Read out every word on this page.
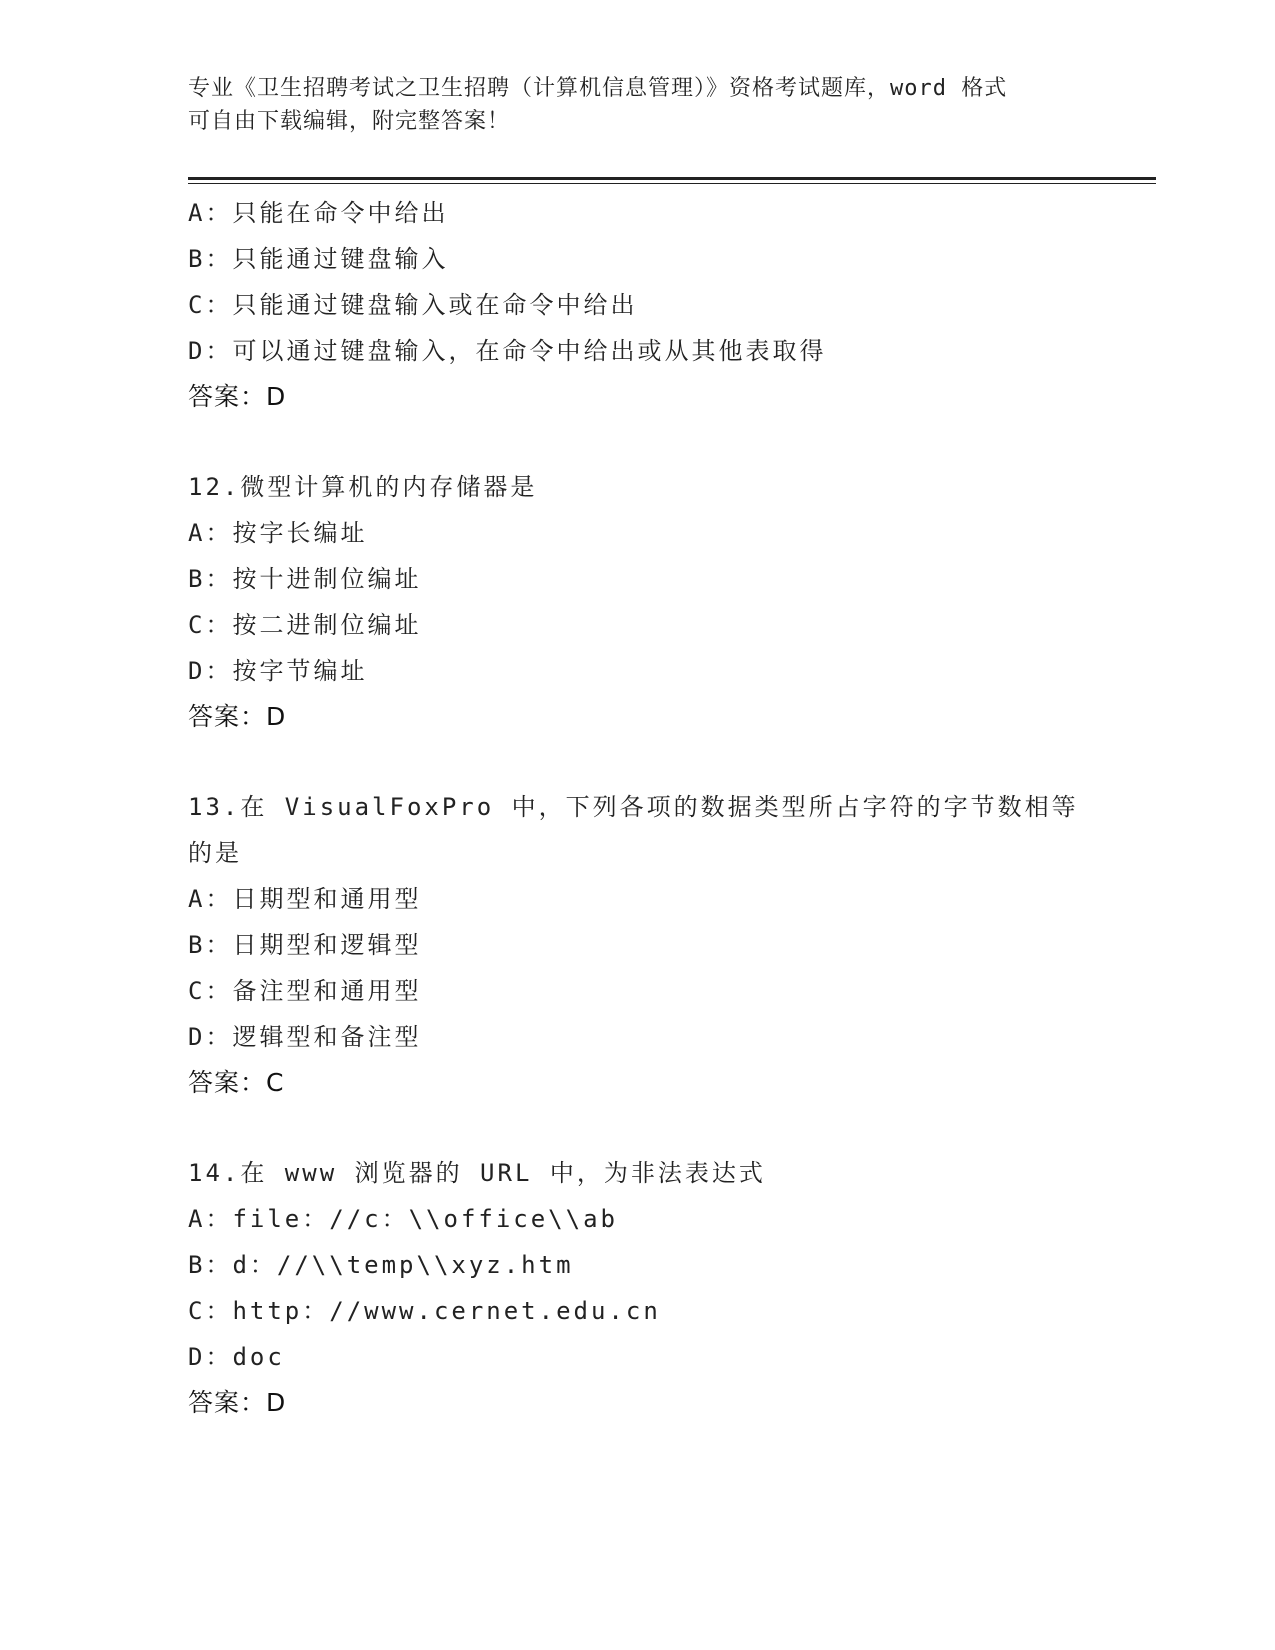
专业《卫生招聘考试之卫生招聘（计算机信息管理）》资格考试题库，word 格式
可自由下载编辑，附完整答案！
A：只能在命令中给出
B：只能通过键盘输入
C：只能通过键盘输入或在命令中给出
D：可以通过键盘输入，在命令中给出或从其他表取得
答案：D
12.微型计算机的内存储器是
A：按字长编址
B：按十进制位编址
C：按二进制位编址
D：按字节编址
答案：D
13.在 VisualFoxPro 中，下列各项的数据类型所占字符的字节数相等
的是
A：日期型和通用型
B：日期型和逻辑型
C：备注型和通用型
D：逻辑型和备注型
答案：C
14.在 www 浏览器的 URL 中，为非法表达式
A：file：//c：\\office\\ab
B：d：//\\temp\\xyz.htm
C：http：//www.cernet.edu.cn
D：doc
答案：D
